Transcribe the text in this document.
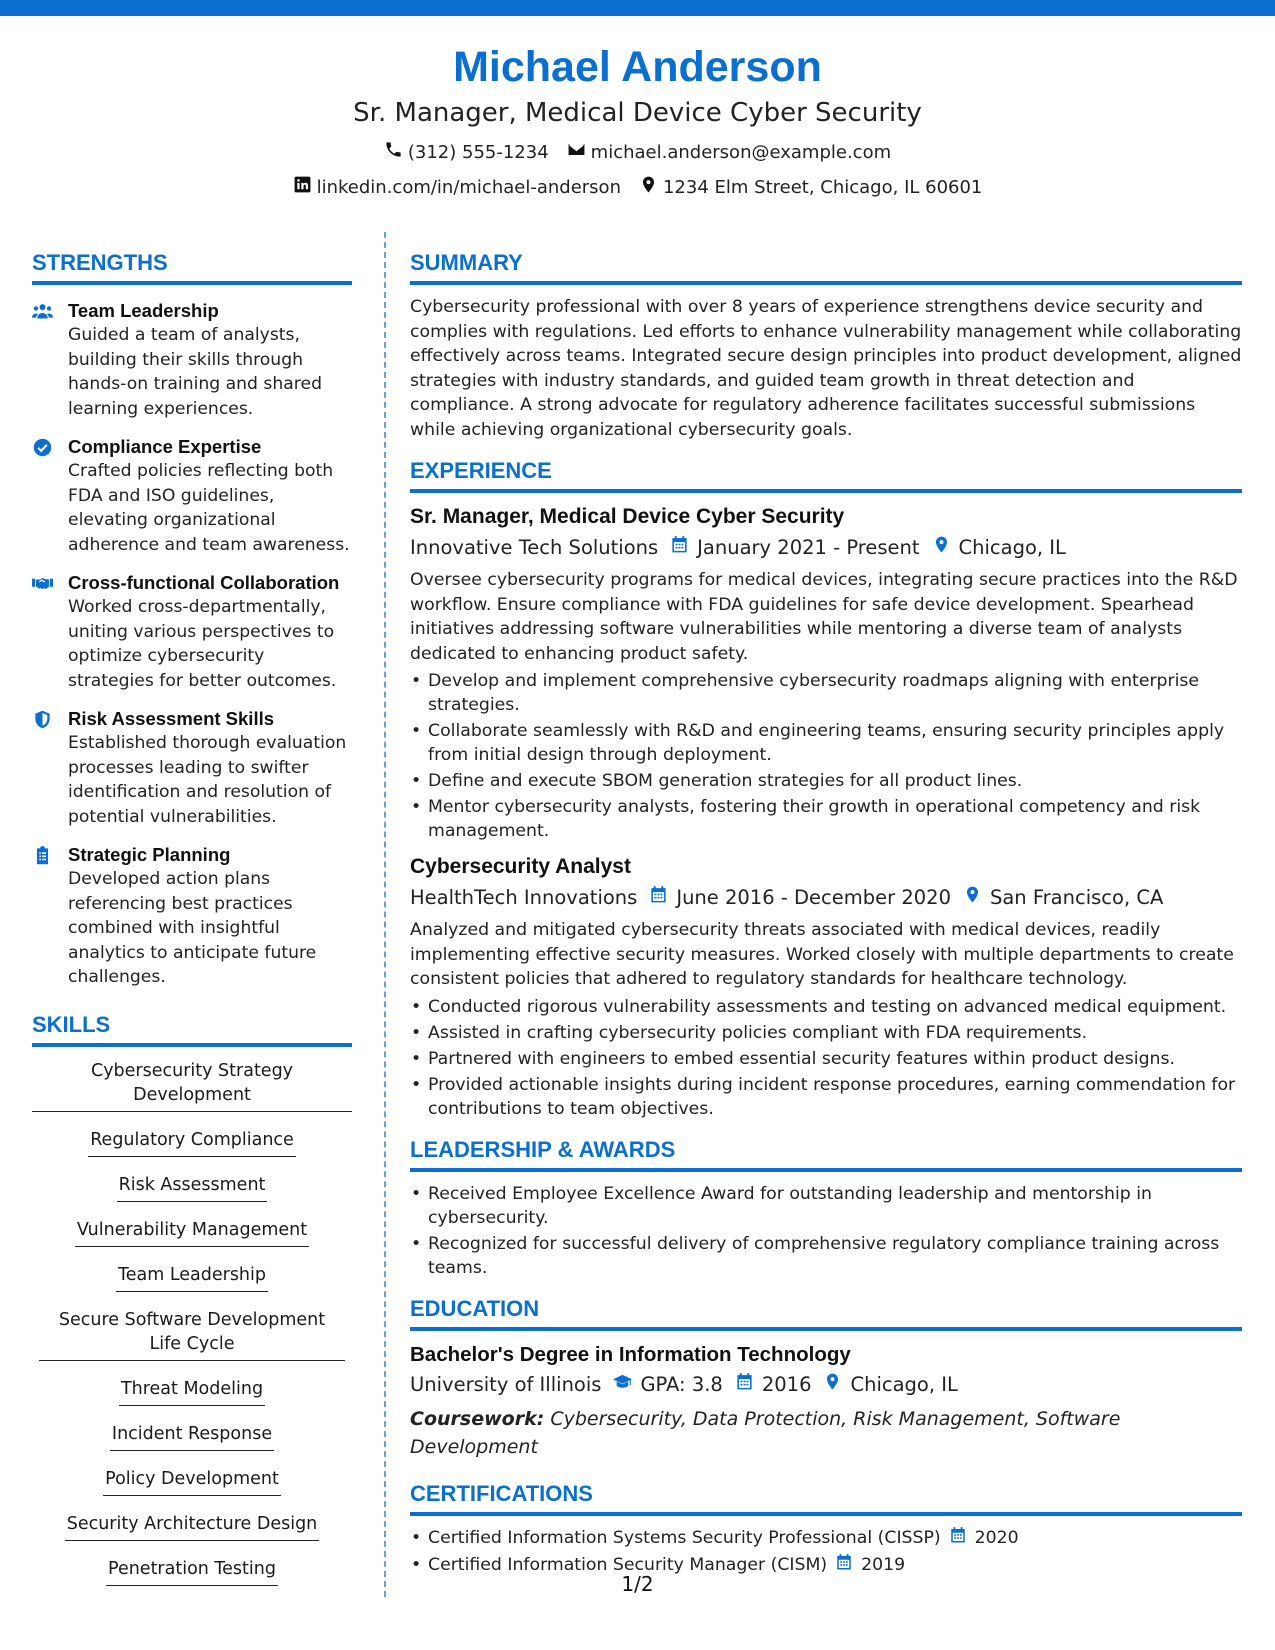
Michael Anderson
Sr. Manager, Medical Device Cyber Security
(312) 555-1234 michael.anderson@example.com
linkedin.com/in/michael-anderson 1234 Elm Street, Chicago, IL 60601
STRENGTHS
Team Leadership
Guided a team of analysts, building their skills through hands-on training and shared learning experiences.
Compliance Expertise
Crafted policies reflecting both FDA and ISO guidelines, elevating organizational adherence and team awareness.
Cross-functional Collaboration
Worked cross-departmentally, uniting various perspectives to optimize cybersecurity strategies for better outcomes.
Risk Assessment Skills
Established thorough evaluation processes leading to swifter identification and resolution of potential vulnerabilities.
Strategic Planning
Developed action plans referencing best practices combined with insightful analytics to anticipate future challenges.
SKILLS
Cybersecurity Strategy Development
Regulatory Compliance
Risk Assessment
Vulnerability Management
Team Leadership
Secure Software Development Life Cycle
Threat Modeling
Incident Response
Policy Development
Security Architecture Design
Penetration Testing
SUMMARY
Cybersecurity professional with over 8 years of experience strengthens device security and complies with regulations. Led efforts to enhance vulnerability management while collaborating effectively across teams. Integrated secure design principles into product development, aligned strategies with industry standards, and guided team growth in threat detection and compliance. A strong advocate for regulatory adherence facilitates successful submissions while achieving organizational cybersecurity goals.
EXPERIENCE
Sr. Manager, Medical Device Cyber Security
Innovative Tech Solutions January 2021 - Present Chicago, IL
Oversee cybersecurity programs for medical devices, integrating secure practices into the R&D workflow. Ensure compliance with FDA guidelines for safe device development. Spearhead initiatives addressing software vulnerabilities while mentoring a diverse team of analysts dedicated to enhancing product safety.
• Develop and implement comprehensive cybersecurity roadmaps aligning with enterprise strategies.
• Collaborate seamlessly with R&D and engineering teams, ensuring security principles apply from initial design through deployment.
• Define and execute SBOM generation strategies for all product lines.
• Mentor cybersecurity analysts, fostering their growth in operational competency and risk management.
Cybersecurity Analyst
HealthTech Innovations June 2016 - December 2020 San Francisco, CA
Analyzed and mitigated cybersecurity threats associated with medical devices, readily implementing effective security measures. Worked closely with multiple departments to create consistent policies that adhered to regulatory standards for healthcare technology.
• Conducted rigorous vulnerability assessments and testing on advanced medical equipment.
• Assisted in crafting cybersecurity policies compliant with FDA requirements.
• Partnered with engineers to embed essential security features within product designs.
• Provided actionable insights during incident response procedures, earning commendation for contributions to team objectives.
LEADERSHIP & AWARDS
• Received Employee Excellence Award for outstanding leadership and mentorship in cybersecurity.
• Recognized for successful delivery of comprehensive regulatory compliance training across teams.
EDUCATION
Bachelor's Degree in Information Technology
University of Illinois GPA: 3.8 2016 Chicago, IL
Coursework: Cybersecurity, Data Protection, Risk Management, Software Development
CERTIFICATIONS
• Certified Information Systems Security Professional (CISSP) 2020
• Certified Information Security Manager (CISM) 2019
1/2
